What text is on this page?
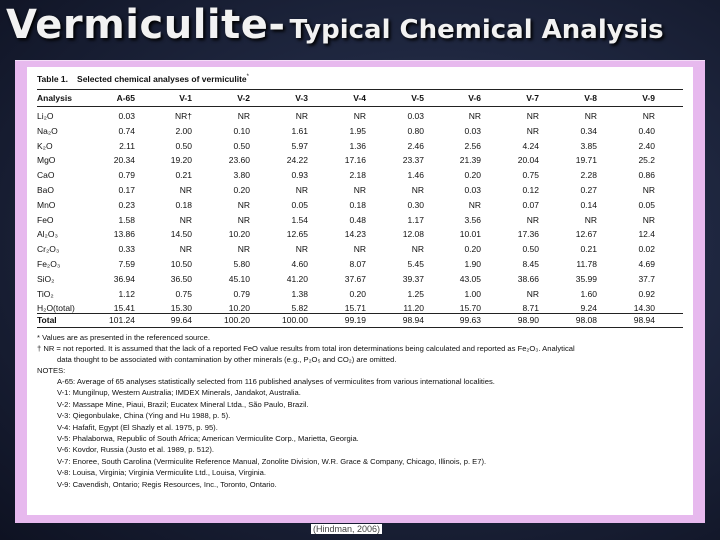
Vermiculite- Typical Chemical Analysis
Table 1. Selected chemical analyses of vermiculite*
Analysis	A-65	V-1	V-2	V-3	V-4	V-5	V-6	V-7	V-8	V-9
Li₂O	0.03	NR†	NR	NR	NR	0.03	NR	NR	NR	NR
Na₂O	0.74	2.00	0.10	1.61	1.95	0.80	0.03	NR	0.34	0.40
K₂O	2.11	0.50	0.50	5.97	1.36	2.46	2.56	4.24	3.85	2.40
MgO	20.34	19.20	23.60	24.22	17.16	23.37	21.39	20.04	19.71	25.2
CaO	0.79	0.21	3.80	0.93	2.18	1.46	0.20	0.75	2.28	0.86
BaO	0.17	NR	0.20	NR	NR	NR	0.03	0.12	0.27	NR
MnO	0.23	0.18	NR	0.05	0.18	0.30	NR	0.07	0.14	0.05
FeO	1.58	NR	NR	1.54	0.48	1.17	3.56	NR	NR	NR
Al₂O₃	13.86	14.50	10.20	12.65	14.23	12.08	10.01	17.36	12.67	12.4
Cr₂O₃	0.33	NR	NR	NR	NR	NR	0.20	0.50	0.21	0.02
Fe₂O₃	7.59	10.50	5.80	4.60	8.07	5.45	1.90	8.45	11.78	4.69
SiO₂	36.94	36.50	45.10	41.20	37.67	39.37	43.05	38.66	35.99	37.7
TiO₂	1.12	0.75	0.79	1.38	0.20	1.25	1.00	NR	1.60	0.92
H₂O(total)	15.41	15.30	10.20	5.82	15.71	11.20	15.70	8.71	9.24	14.30
Total	101.24	99.64	100.20	100.00	99.19	98.94	99.63	98.90	98.08	98.94
* Values are as presented in the referenced source.
† NR = not reported. It is assumed that the lack of a reported FeO value results from total iron determinations being calculated and reported as Fe₂O₃. Analytical
data thought to be associated with contamination by other minerals (e.g., P₂O₅ and CO₂) are omitted.
NOTES:
A-65: Average of 65 analyses statistically selected from 116 published analyses of vermiculites from various international localities.
V-1: Mungilnup, Western Australia; IMDEX Minerals, Jandakot, Australia.
V-2: Massape Mine, Piaui, Brazil; Eucatex Mineral Ltda., São Paulo, Brazil.
V-3: Qiegonbulake, China (Ying and Hu 1988, p. 5).
V-4: Hafafit, Egypt (El Shazly et al. 1975, p. 95).
V-5: Phalaborwa, Republic of South Africa; American Vermiculite Corp., Marietta, Georgia.
V-6: Kovdor, Russia (Justo et al. 1989, p. 512).
V-7: Enoree, South Carolina (Vermiculite Reference Manual, Zonolite Division, W.R. Grace & Company, Chicago, Illinois, p. E7).
V-8: Louisa, Virginia; Virginia Vermiculite Ltd., Louisa, Virginia.
V-9: Cavendish, Ontario; Regis Resources, Inc., Toronto, Ontario.
(Hindman, 2006)
